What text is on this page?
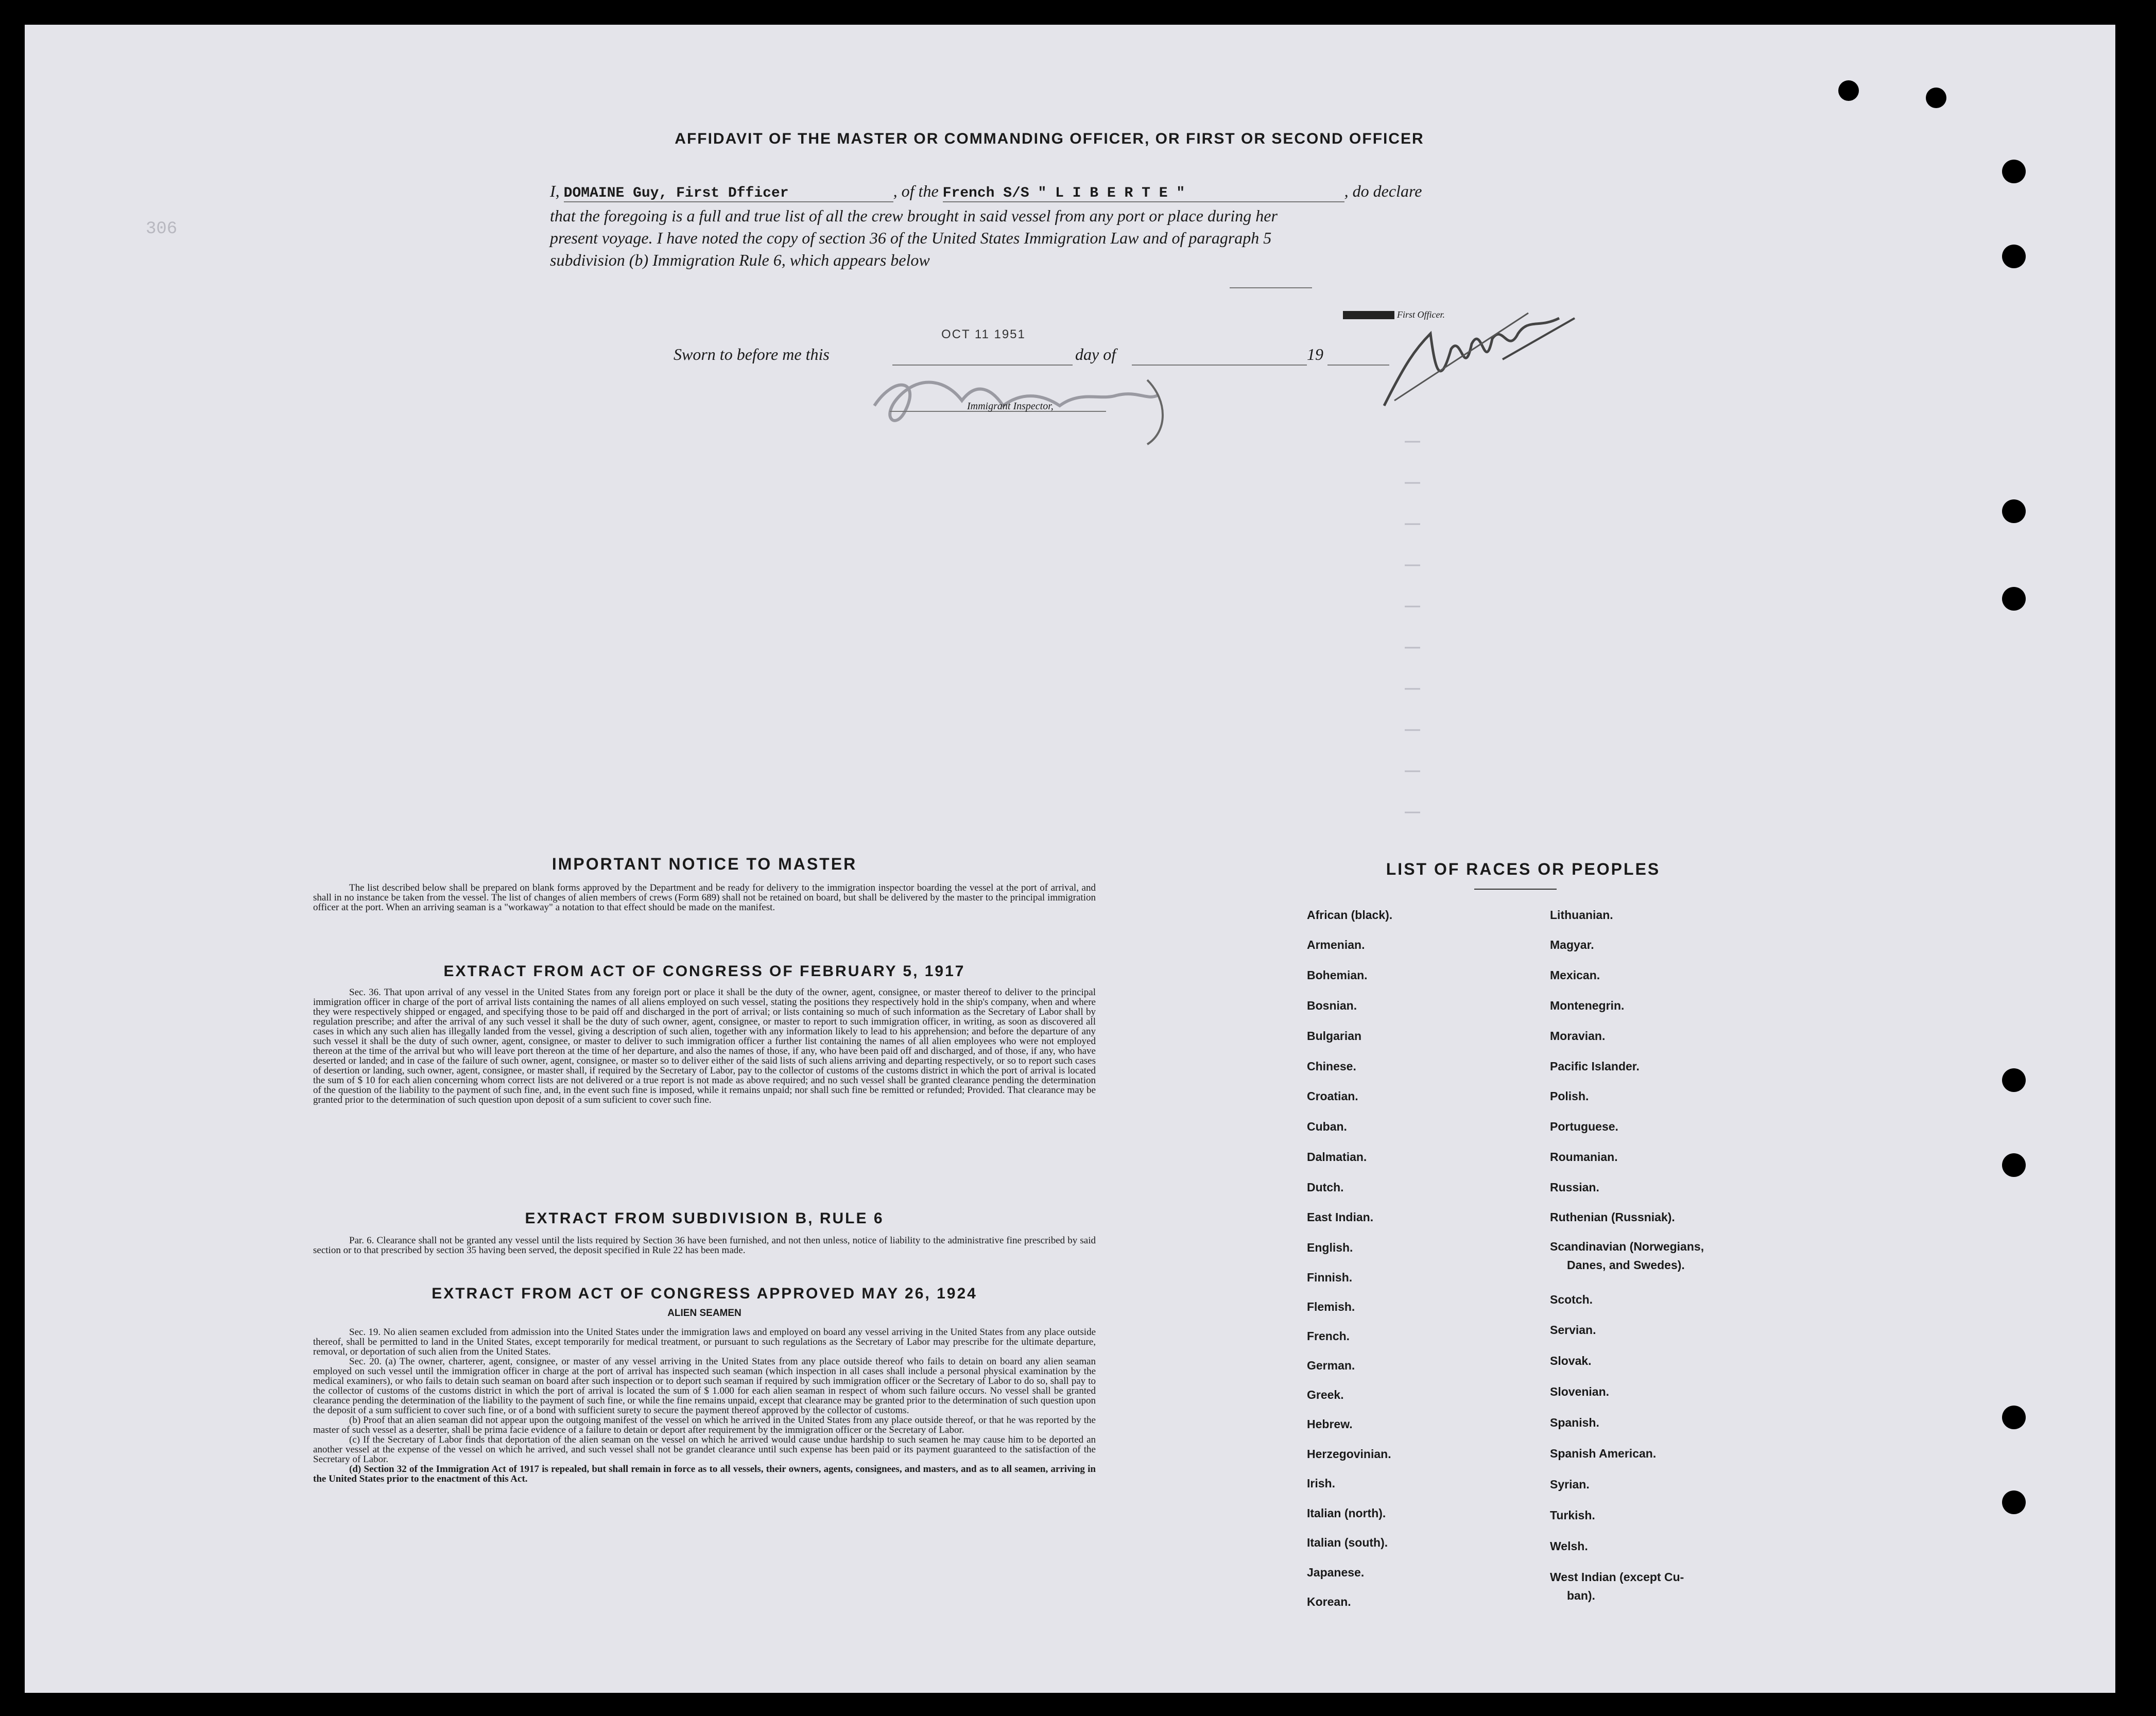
AFFIDAVIT OF THE MASTER OR COMMANDING OFFICER, OR FIRST OR SECOND OFFICER
I, DOMAINE Guy, First Dfficer	, of the French S/S " L I B E R T E "	, do declare
that the foregoing is a full and true list of all the crew brought in said vessel from any port or place during her
present voyage. I have noted the copy of section 36 of the United States Immigration Law and of paragraph 5
subdivision (b) Immigration Rule 6, which appears below
First Officer.
Sworn to before me this
OCT 11 1951
day of	19
Immigrant Inspector,
IMPORTANT NOTICE TO MASTER
The list described below shall be prepared on blank forms approved by the Department and be ready for delivery to the immigration inspector boarding the vessel at the port of arrival, and shall in no instance be taken from the vessel. The list of changes of alien members of crews (Form 689) shall not be retained on board, but shall be delivered by the master to the principal immigration officer at the port. When an arriving seaman is a "workaway" a notation to that effect should be made on the manifest.
EXTRACT FROM ACT OF CONGRESS OF FEBRUARY 5, 1917
Sec. 36. That upon arrival of any vessel in the United States from any foreign port or place it shall be the duty of the owner, agent, consignee, or master thereof to deliver to the principal immigration officer in charge of the port of arrival lists containing the names of all aliens employed on such vessel, stating the positions they respectively hold in the ship's company, when and where they were respectively shipped or engaged, and specifying those to be paid off and discharged in the port of arrival; or lists containing so much of such information as the Secretary of Labor shall by regulation prescribe; and after the arrival of any such vessel it shall be the duty of such owner, agent, consignee, or master to report to such immigration officer, in writing, as soon as discovered all cases in which any such alien has illegally landed from the vessel, giving a description of such alien, together with any information likely to lead to his apprehension; and before the departure of any such vessel it shall be the duty of such owner, agent, consignee, or master to deliver to such immigration officer a further list containing the names of all alien employees who were not employed thereon at the time of the arrival but who will leave port thereon at the time of her departure, and also the names of those, if any, who have been paid off and discharged, and of those, if any, who have deserted or landed; and in case of the failure of such owner, agent, consignee, or master so to deliver either of the said lists of such aliens arriving and departing respectively, or so to report such cases of desertion or landing, such owner, agent, consignee, or master shall, if required by the Secretary of Labor, pay to the collector of customs of the customs district in which the port of arrival is located the sum of $ 10 for each alien concerning whom correct lists are not delivered or a true report is not made as above required; and no such vessel shall be granted clearance pending the determination of the question of the liability to the payment of such fine, and, in the event such fine is imposed, while it remains unpaid; nor shall such fine be remitted or refunded; Provided. That clearance may be granted prior to the determination of such question upon deposit of a sum suficient to cover such fine.
EXTRACT FROM SUBDIVISION B, RULE 6
Par. 6. Clearance shall not be granted any vessel until the lists required by Section 36 have been furnished, and not then unless, notice of liability to the administrative fine prescribed by said section or to that prescribed by section 35 having been served, the deposit specified in Rule 22 has been made.
EXTRACT FROM ACT OF CONGRESS APPROVED MAY 26, 1924
ALIEN SEAMEN
Sec. 19. No alien seamen excluded from admission into the United States under the immigration laws and employed on board any vessel arriving in the United States from any place outside thereof, shall be permitted to land in the United States, except temporarily for medical treatment, or pursuant to such regulations as the Secretary of Labor may prescribe for the ultimate departure, removal, or deportation of such alien from the United States.
Sec. 20. (a) The owner, charterer, agent, consignee, or master of any vessel arriving in the United States from any place outside thereof who fails to detain on board any alien seaman employed on such vessel until the immigration officer in charge at the port of arrival has inspected such seaman (which inspection in all cases shall include a personal physical examination by the medical examiners), or who fails to detain such seaman on board after such inspection or to deport such seaman if required by such immigration officer or the Secretary of Labor to do so, shall pay to the collector of customs of the customs district in which the port of arrival is located the sum of $ 1.000 for each alien seaman in respect of whom such failure occurs. No vessel shall be granted clearance pending the determination of the liability to the payment of such fine, or while the fine remains unpaid, except that clearance may be granted prior to the determination of such question upon the deposit of a sum sufficient to cover such fine, or of a bond with sufficient surety to secure the payment thereof approved by the collector of customs.
(b) Proof that an alien seaman did not appear upon the outgoing manifest of the vessel on which he arrived in the United States from any place outside thereof, or that he was reported by the master of such vessel as a deserter, shall be prima facie evidence of a failure to detain or deport after requirement by the immigration officer or the Secretary of Labor.
(c) If the Secretary of Labor finds that deportation of the alien seaman on the vessel on which he arrived would cause undue hardship to such seamen he may cause him to be deported an another vessel at the expense of the vessel on which he arrived, and such vessel shall not be grandet clearance until such expense has been paid or its payment guaranteed to the satisfaction of the Secretary of Labor.
(d) Section 32 of the Immigration Act of 1917 is repealed, but shall remain in force as to all vessels, their owners, agents, consignees, and masters, and as to all seamen, arriving in the United States prior to the enactment of this Act.
LIST OF RACES OR PEOPLES
African (black).
Armenian.
Bohemian.
Bosnian.
Bulgarian
Chinese.
Croatian.
Cuban.
Dalmatian.
Dutch.
East Indian.
English.
Finnish.
Flemish.
French.
German.
Greek.
Hebrew.
Herzegovinian.
Irish.
Italian (north).
Italian (south).
Japanese.
Korean.
Lithuanian.
Magyar.
Mexican.
Montenegrin.
Moravian.
Pacific Islander.
Polish.
Portuguese.
Roumanian.
Russian.
Ruthenian (Russniak).
Scandinavian (Norwegians,
Danes, and Swedes).
Scotch.
Servian.
Slovak.
Slovenian.
Spanish.
Spanish American.
Syrian.
Turkish.
Welsh.
West Indian (except Cu-
ban).
306
